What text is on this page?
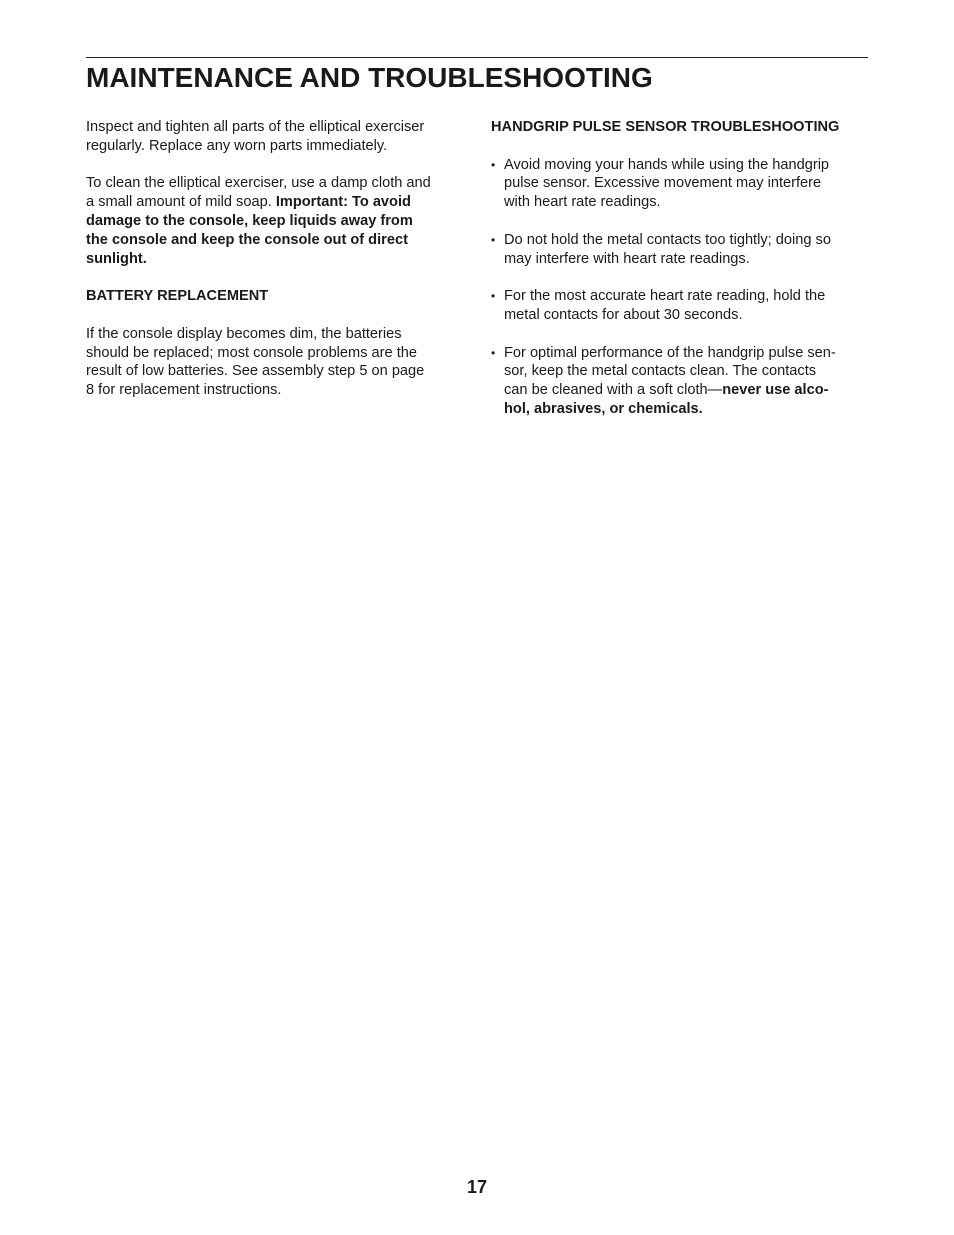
MAINTENANCE AND TROUBLESHOOTING

Inspect and tighten all parts of the elliptical exerciser
regularly. Replace any worn parts immediately.

To clean the elliptical exerciser, use a damp cloth and
a small amount of mild soap. Important: To avoid
damage to the console, keep liquids away from
the console and keep the console out of direct
sunlight.

BATTERY REPLACEMENT

If the console display becomes dim, the batteries
should be replaced; most console problems are the
result of low batteries. See assembly step 5 on page
8 for replacement instructions.

HANDGRIP PULSE SENSOR TROUBLESHOOTING
• Avoid moving your hands while using the handgrip
pulse sensor. Excessive movement may interfere
with heart rate readings.
• Do not hold the metal contacts too tightly; doing so
may interfere with heart rate readings.
• For the most accurate heart rate reading, hold the
metal contacts for about 30 seconds.
• For optimal performance of the handgrip pulse sen-
sor, keep the metal contacts clean. The contacts
can be cleaned with a soft cloth—never use alco-
hol, abrasives, or chemicals.
17
